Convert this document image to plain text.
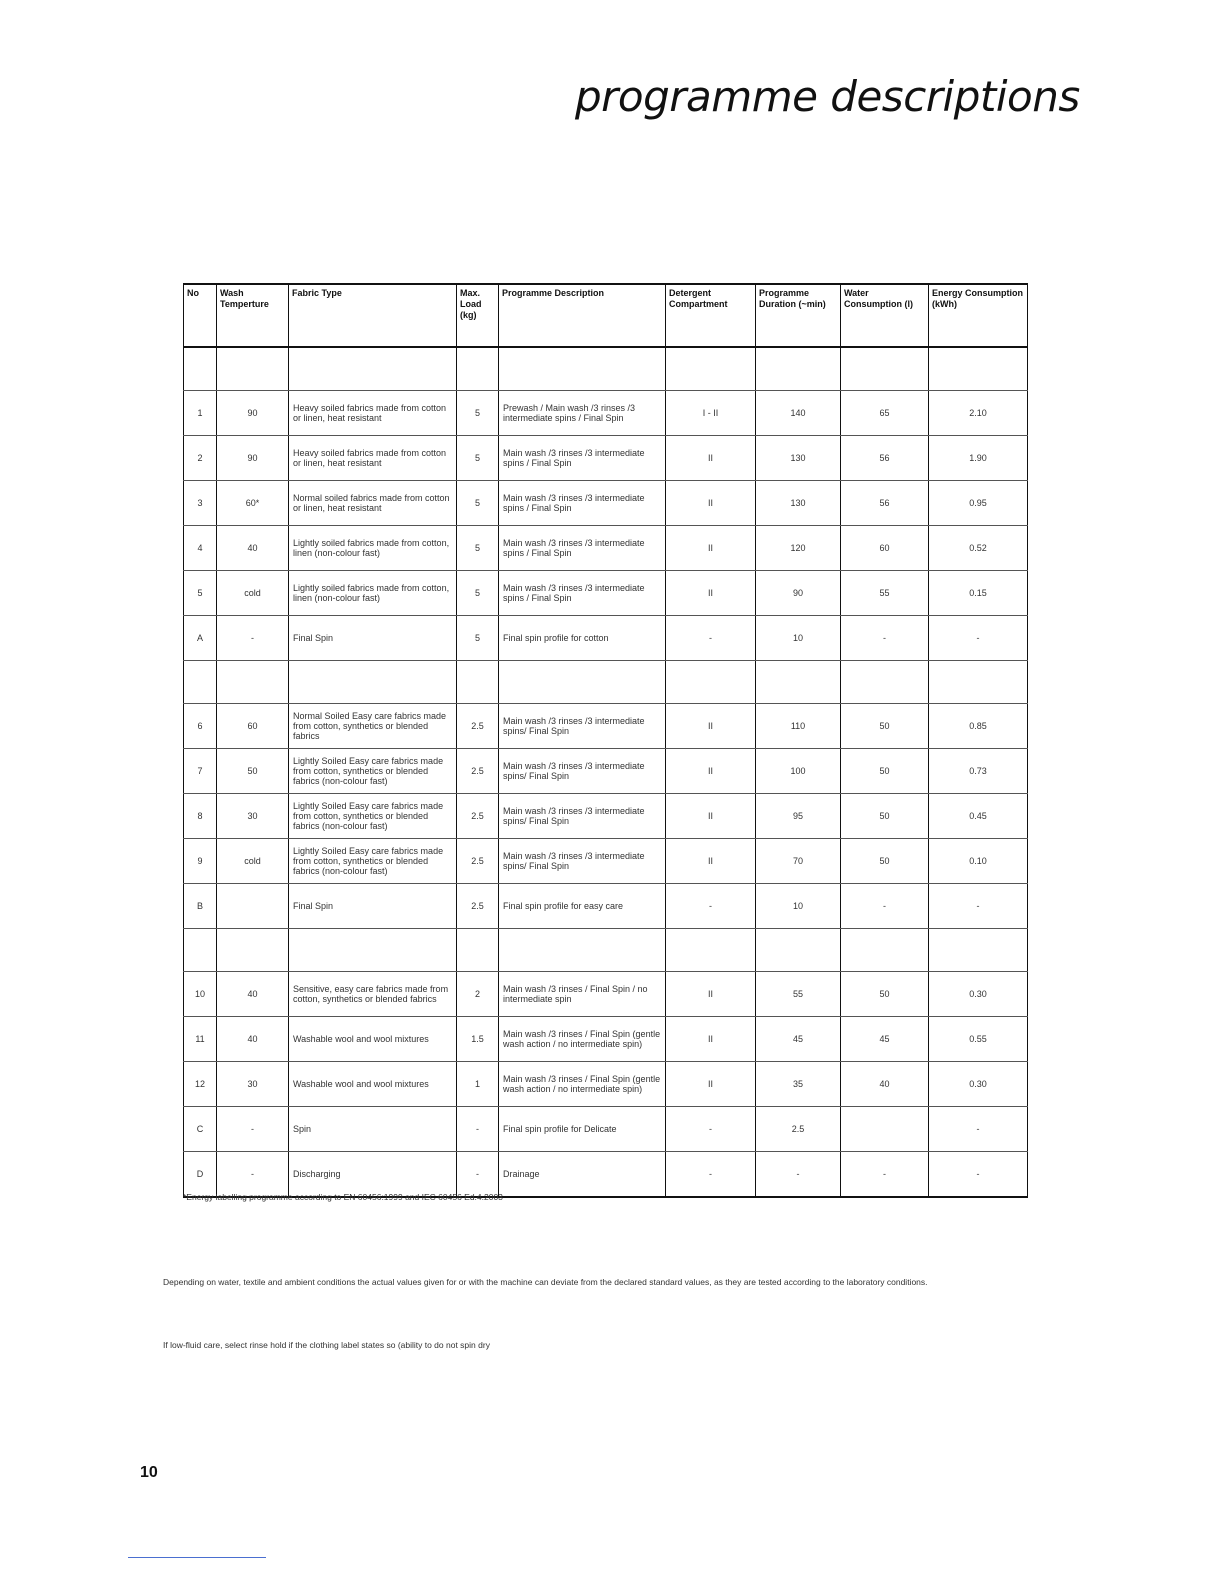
programme descriptions
No	Wash Temperture	Fabric Type	Max. Load (kg)	Programme Description	Detergent Compartment	Programme Duration (~min)	Water Consumption (l)	Energy Consumption (kWh)

1	90	Heavy soiled fabrics made from cotton or linen, heat resistant	5	Prewash / Main wash /3 rinses /3 intermediate spins / Final Spin	I - II	140	65	2.10
2	90	Heavy soiled fabrics made from cotton or linen, heat resistant	5	Main wash /3 rinses /3 intermediate spins / Final Spin	II	130	56	1.90
3	60*	Normal soiled fabrics made from cotton or linen, heat resistant	5	Main wash /3 rinses /3 intermediate spins / Final Spin	II	130	56	0.95
4	40	Lightly soiled fabrics made from cotton, linen (non-colour fast)	5	Main wash /3 rinses /3 intermediate spins / Final Spin	II	120	60	0.52
5	cold	Lightly soiled fabrics made from cotton, linen (non-colour fast)	5	Main wash /3 rinses /3 intermediate spins / Final Spin	II	90	55	0.15
A	-	Final Spin	5	Final spin profile for cotton	-	10	-	-

6	60	Normal Soiled Easy care fabrics made from cotton, synthetics or blended fabrics	2.5	Main wash /3 rinses /3 intermediate spins/ Final Spin	II	110	50	0.85
7	50	Lightly Soiled Easy care fabrics made from cotton, synthetics or blended fabrics (non-colour fast)	2.5	Main wash /3 rinses /3 intermediate spins/ Final Spin	II	100	50	0.73
8	30	Lightly Soiled Easy care fabrics made from cotton, synthetics or blended fabrics (non-colour fast)	2.5	Main wash /3 rinses /3 intermediate spins/ Final Spin	II	95	50	0.45
9	cold	Lightly Soiled Easy care fabrics made from cotton, synthetics or blended fabrics (non-colour fast)	2.5	Main wash /3 rinses /3 intermediate spins/ Final Spin	II	70	50	0.10
B		Final Spin	2.5	Final spin profile for easy care	-	10	-	-

10	40	Sensitive, easy care fabrics made from cotton, synthetics or blended fabrics	2	Main wash /3 rinses / Final Spin / no intermediate spin	II	55	50	0.30
11	40	Washable wool and wool mixtures	1.5	Main wash /3 rinses / Final Spin (gentle wash action / no intermediate spin)	II	45	45	0.55
12	30	Washable wool and wool mixtures	1	Main wash /3 rinses / Final Spin (gentle wash action / no intermediate spin)	II	35	40	0.30
C	-	Spin	-	Final spin profile for Delicate	-	2.5		-
D	-	Discharging	-	Drainage	-	-	-	-
*Energy labelling programme according to EN 60456:1999 and IEC 60456 Ed.4.2003
Depending on water, textile and ambient conditions the actual values given for or with the machine can deviate from the declared standard values, as they are tested according to the laboratory conditions.
If low-fluid care, select rinse hold if the clothing label states so (ability to do not spin dry
10
